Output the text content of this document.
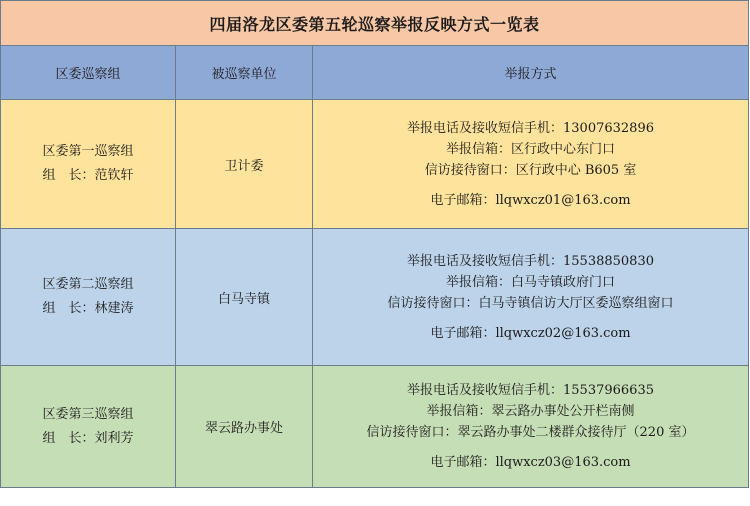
四届洛龙区委第五轮巡察举报反映方式一览表		
区委巡察组	被巡察单位	举报方式

区委第一巡察组
组　长：范钦轩	卫计委	举报电话及接收短信手机：13007632896
举报信箱：区行政中心东门口
信访接待窗口：区行政中心 B605 室
电子邮箱：llqwxcz01@163.com

区委第二巡察组
组　长：林建涛	白马寺镇	举报电话及接收短信手机：15538850830
举报信箱：白马寺镇政府门口
信访接待窗口：白马寺镇信访大厅区委巡察组窗口
电子邮箱：llqwxcz02@163.com

区委第三巡察组
组　长：刘利芳	翠云路办事处	举报电话及接收短信手机：15537966635
举报信箱：翠云路办事处公开栏南侧
信访接待窗口：翠云路办事处二楼群众接待厅（220 室）
电子邮箱：llqwxcz03@163.com
